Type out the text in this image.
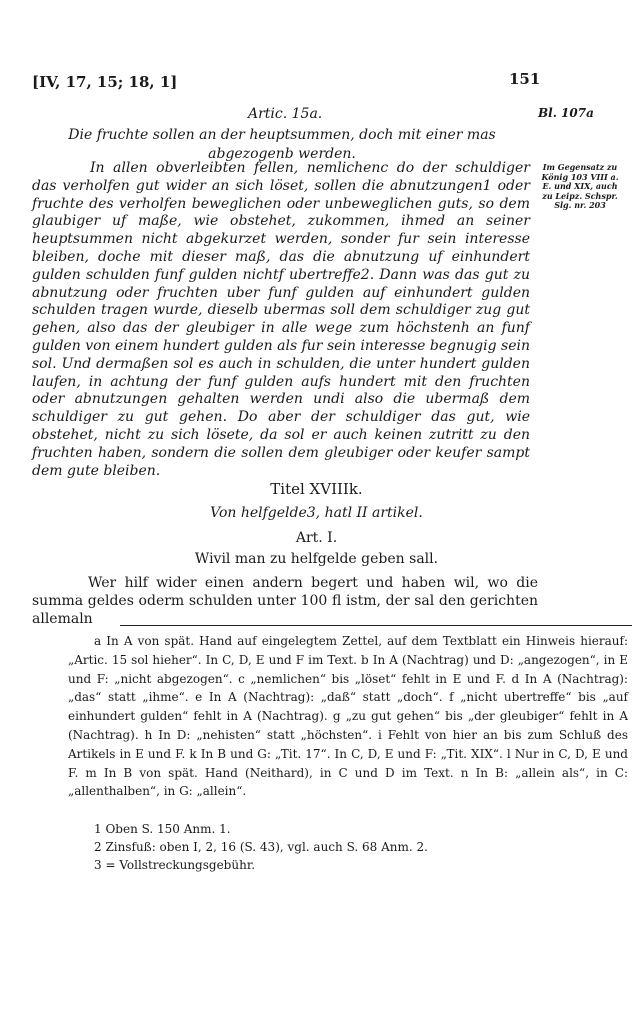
[IV, 17, 15; 18, 1]	151
Artic. 15a.	Bl. 107a
Die fruchte sollen an der heuptsummen, doch mit einer mas abgezogenb werden.

In allen obverleibten fellen, nemlichenc do der schuldiger das verholfen gut wider an sich löset, sollen die abnutzungen1 oder fruchte des verholfen beweglichen oder unbeweglichen guts, so dem glaubiger uf maße, wie obstehet, zukommen, ihmed an seiner heuptsummen nicht abgekurzet werden, sonder fur sein interesse bleiben, doche mit dieser maß, das die abnutzung uf einhundert gulden schulden funf gulden nichtf ubertreffe2. Dann was das gut zu abnutzung oder fruchten uber funf gulden auf einhundert gulden schulden tragen wurde, dieselb ubermas soll dem schuldiger zug gut gehen, also das der gleubiger in alle wege zum höchstenh an funf gulden von einem hundert gulden als fur sein interesse begnugig sein sol. Und dermaßen sol es auch in schulden, die unter hundert gulden laufen, in achtung der funf gulden aufs hundert mit den fruchten oder abnutzungen gehalten werden undi also die ubermaß dem schuldiger zu gut gehen. Do aber der schuldiger das gut, wie obstehet, nicht zu sich lösete, da sol er auch keinen zutritt zu den fruchten haben, sondern die sollen dem gleubiger oder keufer sampt dem gute bleiben.

Im Gegensatz zu König 103 VIII a. E. und XIX, auch zu Leipz. Schspr. Slg. nr. 203
Titel XVIIIk.
Von helfgelde3, hatl II artikel.
Art. I.
Wivil man zu helfgelde geben sall.

Wer hilf wider einen andern begert und haben wil, wo die summa geldes oderm schulden unter 100 fl istm, der sal den gerichten allemaln

a In A von spät. Hand auf eingelegtem Zettel, auf dem Textblatt ein Hinweis hierauf: „Artic. 15 sol hieher“. In C, D, E und F im Text. b In A (Nachtrag) und D: „angezogen“, in E und F: „nicht abgezogen“. c „nemlichen“ bis „löset“ fehlt in E und F. d In A (Nachtrag): „das“ statt „ihme“. e In A (Nachtrag): „daß“ statt „doch“. f „nicht ubertreffe“ bis „auf einhundert gulden“ fehlt in A (Nachtrag). g „zu gut gehen“ bis „der gleubiger“ fehlt in A (Nachtrag). h In D: „nehisten“ statt „höchsten“. i Fehlt von hier an bis zum Schluß des Artikels in E und F. k In B und G: „Tit. 17“. In C, D, E und F: „Tit. XIX“. l Nur in C, D, E und F. m In B von spät. Hand (Neithard), in C und D im Text. n In B: „allein als“, in C: „allenthalben“, in G: „allein“.

1 Oben S. 150 Anm. 1.
2 Zinsfuß: oben I, 2, 16 (S. 43), vgl. auch S. 68 Anm. 2.
3 = Vollstreckungsgebühr.
